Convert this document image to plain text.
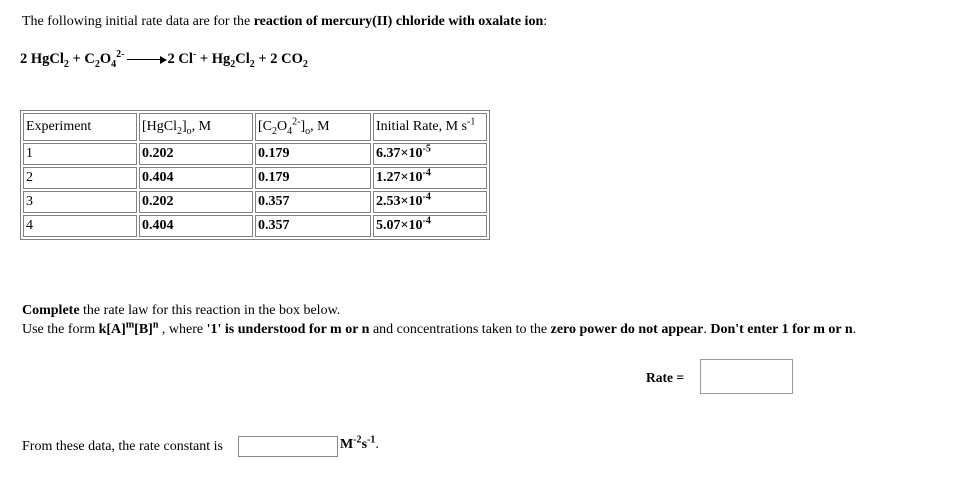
The following initial rate data are for the reaction of mercury(II) chloride with oxalate ion:
2 HgCl$_2$ + $C_2O_4^{2-}$	2 $Cl^- + Hg_2Cl_2 + 2$ $CO_2$
Experiment	$[HgCl_2]_o$, M	$[C_2O_4^{2-}]_o$, M	Initial Rate, M $s^{-1}$
1	0.202	0.179	$6.37\times 10^{-5}$
2	0.404	0.179	$1.27\times 10^{-4}$
3	0.202	0.357	$2.53\times 10^{-4}$
4	0.404	0.357	$5.07\times 10^{-4}$
Complete the rate law for this reaction in the box below.
Use the form $k[A]^m[B]^n$ , where '1' is understood for m or n and concentrations taken to the zero power do not appear. Don't enter 1 for m or n.
Rate =
From these data, the rate constant is	$M^{-2}s^{-1}$.
